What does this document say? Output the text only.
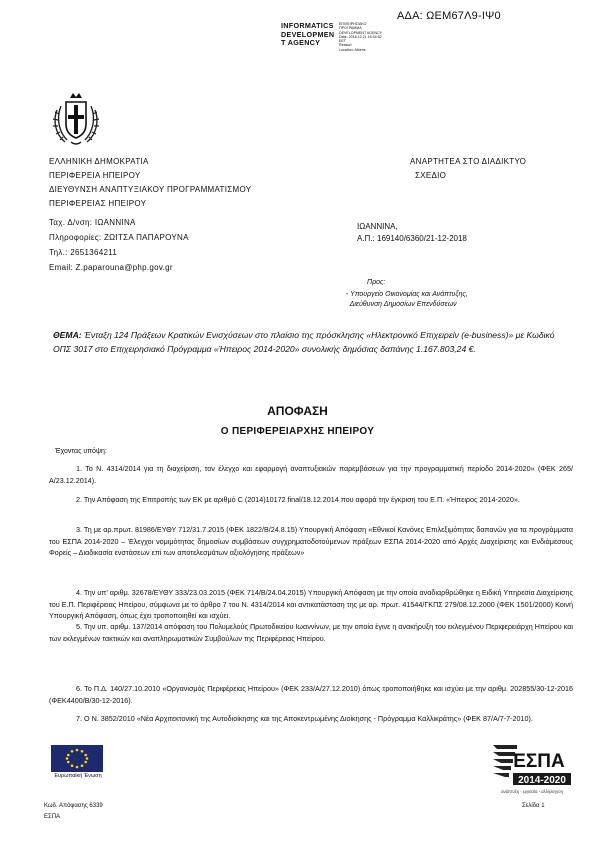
ΑΔΑ: ΩΕΜ67Λ9-ΙΨ0
INFORMATICS
DEVELOPMEN
T AGENCY
ΕΠΙΧΕΙΡΗΣΙΑΚΟ
ΠΡΟΓΡΑΜΜΑ
DEVELOPMENT AGENCY
Date: 2018.12.21 16:34:52
EET
Reason:
Location: Athens
ΕΛΛΗΝΙΚΗ ΔΗΜΟΚΡΑΤΙΑ
ΠΕΡΙΦΕΡΕΙΑ ΗΠΕΙΡΟΥ
ΔΙΕΥΘΥΝΣΗ ΑΝΑΠΤΥΞΙΑΚΟΥ ΠΡΟΓΡΑΜΜΑΤΙΣΜΟΥ
ΠΕΡΙΦΕΡΕΙΑΣ ΗΠΕΙΡΟΥ
Ταχ. Δ/νση: ΙΩΑΝΝΙΝΑ
Πληροφορίες: ΖΩΙΤΣΑ ΠΑΠΑΡΟΥΝΑ
Τηλ.: 2651364211
Email: Z.paparouna@php.gov.gr
ΑΝΑΡΤΗΤΕΑ ΣΤΟ ΔΙΑΔΙΚΤΥΟ
ΣΧΕΔΙΟ
ΙΩΑΝΝΙΝΑ,
Α.Π.: 169140/6360/21-12-2018
Προς:
- Υπουργείο Οικονομίας και Ανάπτυξης,
Διεύθυνση Δημοσίων Επενδύσεων
ΘΕΜΑ: Ένταξη 124 Πράξεων Κρατικών Ενισχύσεων στο πλαίσιο της πρόσκλησης «Ηλεκτρονικό Επιχειρείν (e-business)» με Κωδικό ΟΠΣ 3017 στο Επιχειρησιακό Πρόγραμμα «Ήπειρος 2014-2020» συνολικής δημόσιας δαπάνης 1.167.803,24 €.
ΑΠΟΦΑΣΗ
Ο ΠΕΡΙΦΕΡΕΙΑΡΧΗΣ ΗΠΕΙΡΟΥ
Έχοντας υπόψη:
1. Το Ν. 4314/2014 για τη διαχείριση, τον έλεγχο και εφαρμογή αναπτυξιακών παρεμβάσεων για την προγραμματική περίοδο 2014-2020» (ΦΕΚ 265/Α/23.12.2014).
2. Την Απόφαση της Επιτροπής των ΕΚ με αριθμό C (2014)10172 final/18.12.2014 που αφορά την έγκριση του Ε.Π. «Ήπειρος 2014-2020».
3. Τη με αρ.πρωτ. 81986/ΕΥΘΥ 712/31.7.2015 (ΦΕΚ 1822/Β/24.8.15) Υπουργική Απόφαση «Εθνικοί Κανόνες Επιλεξιμότητας δαπανών για τα προγράμματα του ΕΣΠΑ 2014-2020 – Έλεγχοι νομιμότητας δημοσίων συμβάσεων συγχρηματοδοτούμενων πράξεων ΕΣΠΑ 2014-2020 από Αρχές Διαχείρισης και Ενδιάμεσους Φορείς – Διαδικασία ενστάσεων επί των αποτελεσμάτων αξιολόγησης πράξεων»
4. Την υπ' αριθμ. 32678/ΕΥΘΥ 333/23.03.2015 (ΦΕΚ 714/Β/24.04.2015) Υπουργική Απόφαση με την οποία αναδιαρθρώθηκε η Ειδική Υπηρεσία Διαχείρισης του Ε.Π. Περιφέρειας Ηπείρου, σύμφωνα με το άρθρο 7 του Ν. 4314/2014 και αντικατάσταση της με αρ. πρωτ. 41544/ΓΚΠΣ 279/08.12.2000 (ΦΕΚ 1501/2000) Κοινή Υπουργική Απόφαση, όπως έχει τροποποιηθεί και ισχύει.
5. Την υπ. αριθμ. 137/2014 απόφαση του Πολυμελούς Πρωτοδικείου Ιωαννίνων, με την οποία έγινε η ανακήρυξη του εκλεγμένου Περιφερειάρχη Ηπείρου και των εκλεγμένων τακτικών και αναπληρωματικών Συμβούλων της Περιφέρειας Ηπείρου.
6. Το Π.Δ. 140/27.10.2010 «Οργανισμός Περιφέρειας Ηπείρου» (ΦΕΚ 233/Α/27.12.2010) όπως τροποποιήθηκε και ισχύει με την αριθμ. 202855/30-12-2016 (ΦΕΚ4400/Β/30-12-2016).
7. Ο Ν. 3852/2010 «Νέα Αρχιτεκτονική της Αυτοδιοίκησης και της Αποκεντρωμένης Διοίκησης - Πρόγραμμα Καλλικράτης» (ΦΕΚ 87/Α/7-7-2010).
Ευρωπαϊκή Ένωση
ΕΣΠΑ
2014-2020
ανάπτυξη - εργασία - αλληλεγγύη
Κωδ. Απόφασης 6339
ΕΣΠΑ
Σελίδα 1
